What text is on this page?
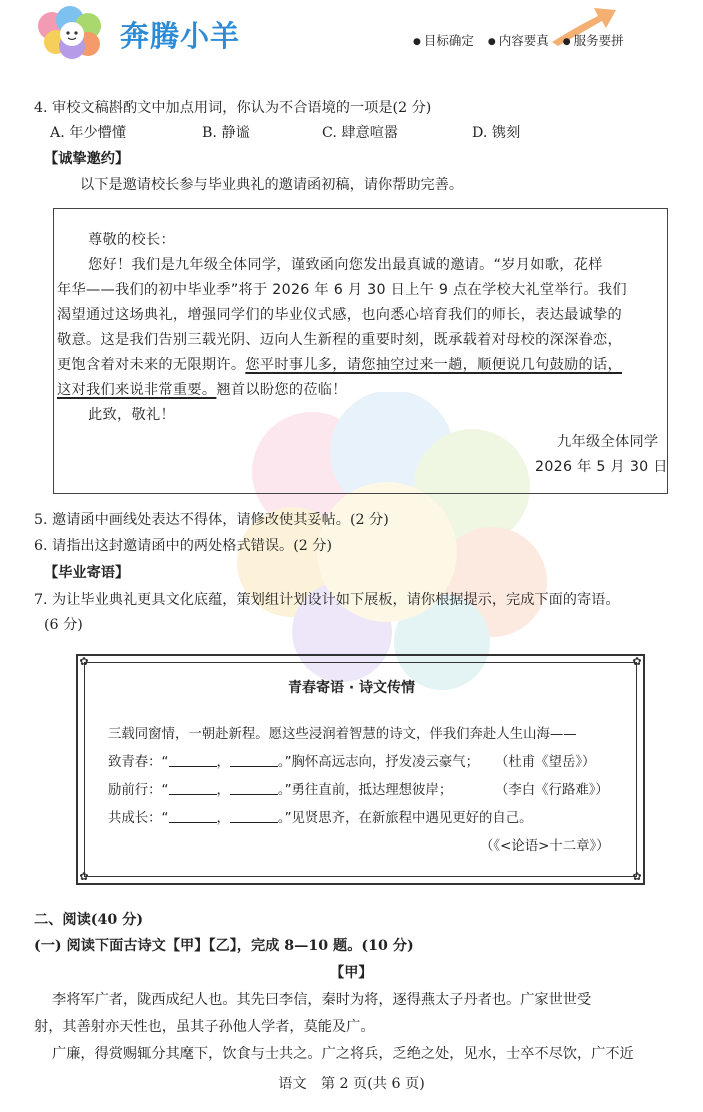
奔腾小羊	● 目标确定 ● 内容要真 ● 服务要拼
4. 审校文稿斟酌文中加点用词，你认为不合语境的一项是(2 分)
A. 年少懵懂	B. 静谧	C. 肆意喧嚣	D. 镌刻
【诚挚邀约】
以下是邀请校长参与毕业典礼的邀请函初稿，请你帮助完善。
尊敬的校长：
您好！我们是九年级全体同学，谨致函向您发出最真诚的邀请。“岁月如歌，花样
年华——我们的初中毕业季”将于 2026 年 6 月 30 日上午 9 点在学校大礼堂举行。我们
渴望通过这场典礼，增强同学们的毕业仪式感，也向悉心培育我们的师长，表达最诚挚的
敬意。这是我们告别三载光阴、迈向人生新程的重要时刻，既承载着对母校的深深眷恋，
更饱含着对未来的无限期许。您平时事儿多，请您抽空过来一趟，顺便说几句鼓励的话，
这对我们来说非常重要。翘首以盼您的莅临！
此致，敬礼！
九年级全体同学
2026 年 5 月 30 日
5. 邀请函中画线处表达不得体，请修改使其妥帖。(2 分)
6. 请指出这封邀请函中的两处格式错误。(2 分)
【毕业寄语】
7. 为让毕业典礼更具文化底蕴，策划组计划设计如下展板，请你根据提示，完成下面的寄语。
(6 分)
✿	✿
✿	✿
青春寄语 · 诗文传情
三载同窗情，一朝赴新程。愿这些浸润着智慧的诗文，伴我们奔赴人生山海——
致青春：“	，	。”胸怀高远志向，抒发凌云豪气； （杜甫《望岳》）
励前行：“	，	。”勇往直前，抵达理想彼岸；	（李白《行路难》）
共成长：“	，	。”见贤思齐，在新旅程中遇见更好的自己。
（《<论语>十二章》）
二、阅读(40 分)
(一) 阅读下面古诗文【甲】【乙】，完成 8—10 题。(10 分)
【甲】
李将军广者，陇西成纪人也。其先曰李信，秦时为将，逐得燕太子丹者也。广家世世受
射，其善射亦天性也，虽其子孙他人学者，莫能及广。
广廉，得赏赐辄分其麾下，饮食与士共之。广之将兵，乏绝之处，见水，士卒不尽饮，广不近
语文　第 2 页(共 6 页)
